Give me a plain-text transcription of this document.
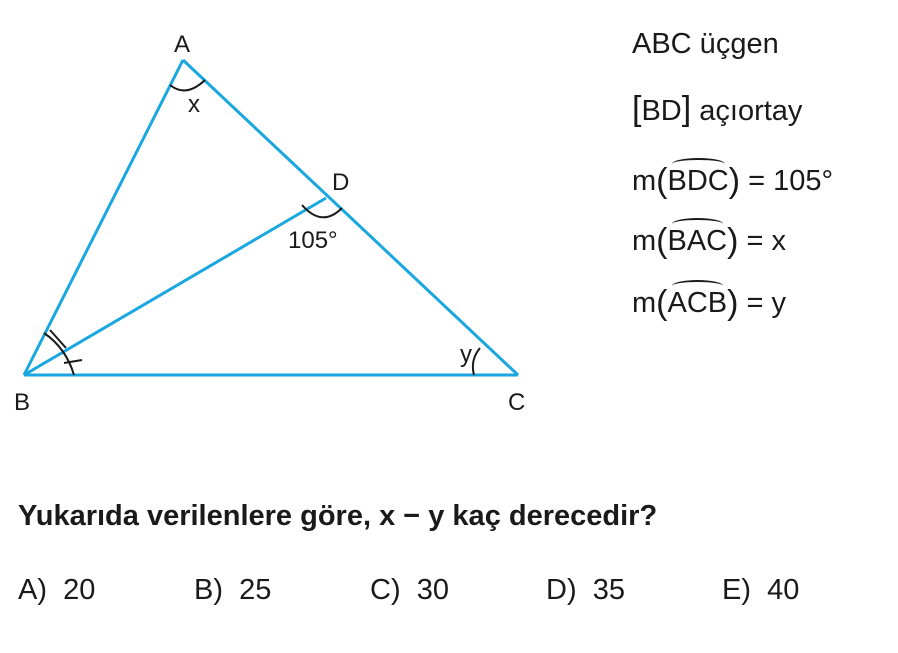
A
B	C
D
x
105°
y
ABC üçgen
[BD] açıortay
m(BDC) = 105°
m(BAC) = x
m(ACB) = y
Yukarıda verilenlere göre, x − y kaç derecedir?
A) 20	B) 25	C) 30	D) 35	E) 40
